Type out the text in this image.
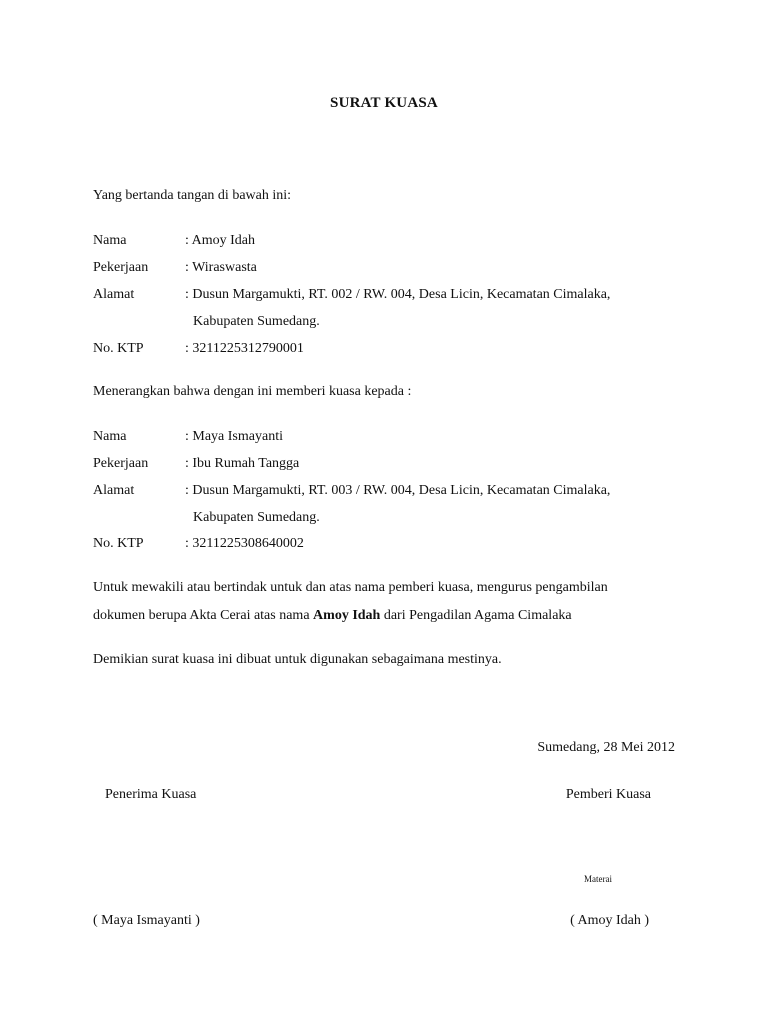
SURAT KUASA
Yang bertanda tangan di bawah ini:
Nama	: Amoy Idah
Pekerjaan	: Wiraswasta
Alamat	: Dusun Margamukti, RT. 002 / RW. 004, Desa Licin, Kecamatan Cimalaka,
Kabupaten Sumedang.
No. KTP	: 3211225312790001
Menerangkan bahwa dengan ini memberi kuasa kepada :
Nama	: Maya Ismayanti
Pekerjaan	: Ibu Rumah Tangga
Alamat	: Dusun Margamukti, RT. 003 / RW. 004, Desa Licin, Kecamatan Cimalaka,
Kabupaten Sumedang.
No. KTP	: 3211225308640002
Untuk mewakili atau bertindak untuk dan atas nama pemberi kuasa, mengurus pengambilan
dokumen berupa Akta Cerai atas nama Amoy Idah dari Pengadilan Agama Cimalaka
Demikian surat kuasa ini dibuat untuk digunakan sebagaimana mestinya.
Sumedang, 28 Mei 2012
Penerima Kuasa	Pemberi Kuasa
Materai
( Maya Ismayanti )	( Amoy Idah )
